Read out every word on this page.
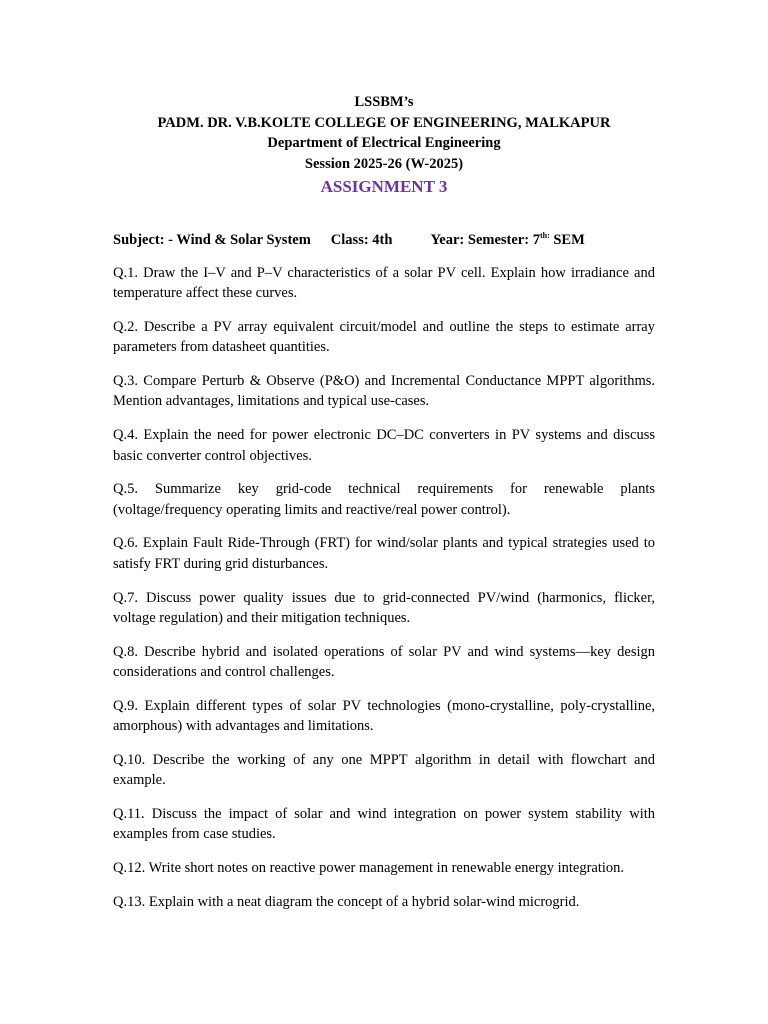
LSSBM’s
PADM. DR. V.B.KOLTE COLLEGE OF ENGINEERING, MALKAPUR
Department of Electrical Engineering
Session 2025-26 (W-2025)
ASSIGNMENT 3
Subject: - Wind & Solar System Class: 4th	Year: Semester: $7^{th:}$ SEM

Q.1. Draw the I–V and P–V characteristics of a solar PV cell. Explain how irradiance and temperature affect these curves.

Q.2. Describe a PV array equivalent circuit/model and outline the steps to estimate array parameters from datasheet quantities.

Q.3. Compare Perturb & Observe (P&O) and Incremental Conductance MPPT algorithms. Mention advantages, limitations and typical use-cases.

Q.4. Explain the need for power electronic DC–DC converters in PV systems and discuss basic converter control objectives.

Q.5. Summarize key grid-code technical requirements for renewable plants (voltage/frequency operating limits and reactive/real power control).

Q.6. Explain Fault Ride-Through (FRT) for wind/solar plants and typical strategies used to satisfy FRT during grid disturbances.

Q.7. Discuss power quality issues due to grid-connected PV/wind (harmonics, flicker, voltage regulation) and their mitigation techniques.

Q.8. Describe hybrid and isolated operations of solar PV and wind systems—key design considerations and control challenges.

Q.9. Explain different types of solar PV technologies (mono-crystalline, poly-crystalline, amorphous) with advantages and limitations.

Q.10. Describe the working of any one MPPT algorithm in detail with flowchart and example.

Q.11. Discuss the impact of solar and wind integration on power system stability with examples from case studies.

Q.12. Write short notes on reactive power management in renewable energy integration.

Q.13. Explain with a neat diagram the concept of a hybrid solar-wind microgrid.
